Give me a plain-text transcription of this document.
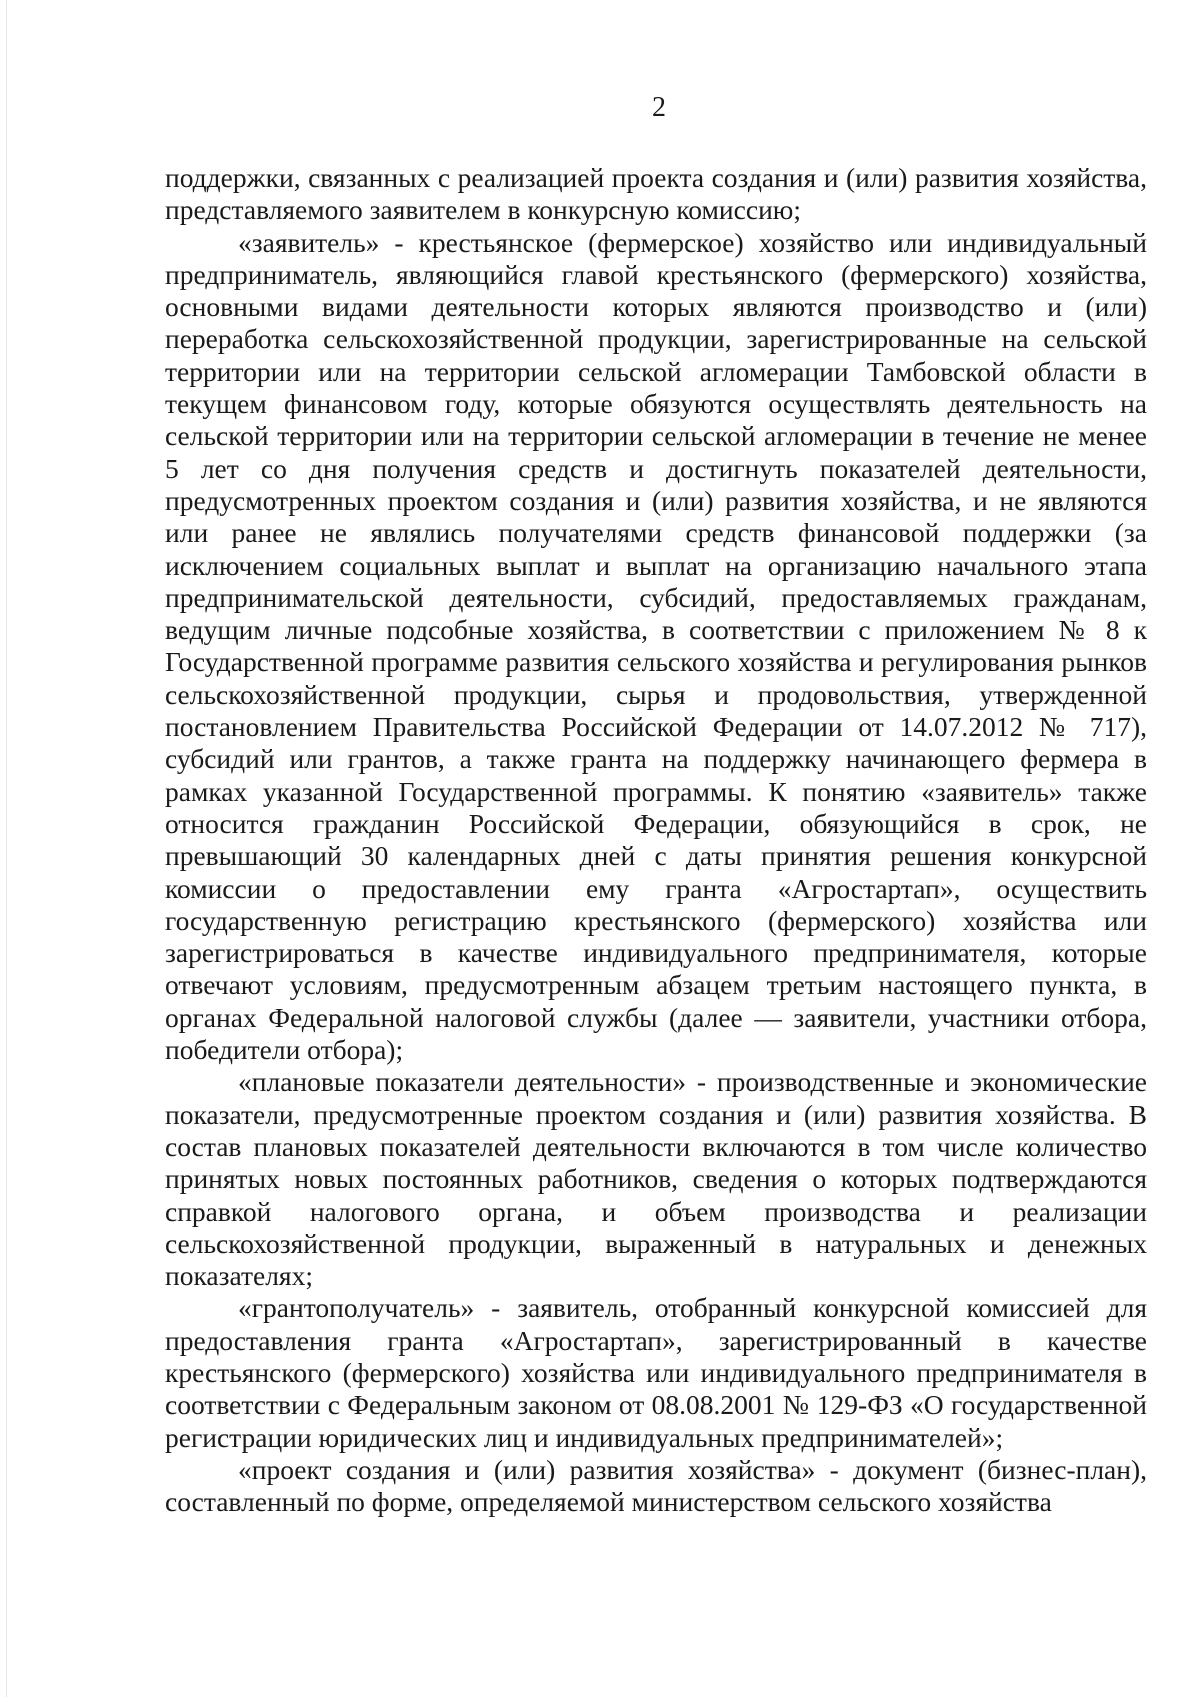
2

поддержки, связанных с реализацией проекта создания и (или) развития хозяйства, представляемого заявителем в конкурсную комиссию;

«заявитель» - крестьянское (фермерское) хозяйство или индивидуальный предприниматель, являющийся главой крестьянского (фермерского) хозяйства, основными видами деятельности которых являются производство и (или) переработка сельскохозяйственной продукции, зарегистрированные на сельской территории или на территории сельской агломерации Тамбовской области в текущем финансовом году, которые обязуются осуществлять деятельность на сельской территории или на территории сельской агломерации в течение не менее 5 лет со дня получения средств и достигнуть показателей деятельности, предусмотренных проектом создания и (или) развития хозяйства, и не являются или ранее не являлись получателями средств финансовой поддержки (за исключением социальных выплат и выплат на организацию начального этапа предпринимательской деятельности, субсидий, предоставляемых гражданам, ведущим личные подсобные хозяйства, в соответствии с приложением № 8 к Государственной программе развития сельского хозяйства и регулирования рынков сельскохозяйственной продукции, сырья и продовольствия, утвержденной постановлением Правительства Российской Федерации от 14.07.2012 № 717), субсидий или грантов, а также гранта на поддержку начинающего фермера в рамках указанной Государственной программы. К понятию «заявитель» также относится гражданин Российской Федерации, обязующийся в срок, не превышающий 30 календарных дней с даты принятия решения конкурсной комиссии о предоставлении ему гранта «Агростартап», осуществить государственную регистрацию крестьянского (фермерского) хозяйства или зарегистрироваться в качестве индивидуального предпринимателя, которые отвечают условиям, предусмотренным абзацем третьим настоящего пункта, в органах Федеральной налоговой службы (далее — заявители, участники отбора, победители отбора);

«плановые показатели деятельности» - производственные и экономические показатели, предусмотренные проектом создания и (или) развития хозяйства. В состав плановых показателей деятельности включаются в том числе количество принятых новых постоянных работников, сведения о которых подтверждаются справкой налогового органа, и объем производства и реализации сельскохозяйственной продукции, выраженный в натуральных и денежных показателях;

«грантополучатель» - заявитель, отобранный конкурсной комиссией для предоставления гранта «Агростартап», зарегистрированный в качестве крестьянского (фермерского) хозяйства или индивидуального предпринимателя в соответствии с Федеральным законом от 08.08.2001 № 129-ФЗ «О государственной регистрации юридических лиц и индивидуальных предпринимателей»;

«проект создания и (или) развития хозяйства» - документ (бизнес-план), составленный по форме, определяемой министерством сельского хозяйства
